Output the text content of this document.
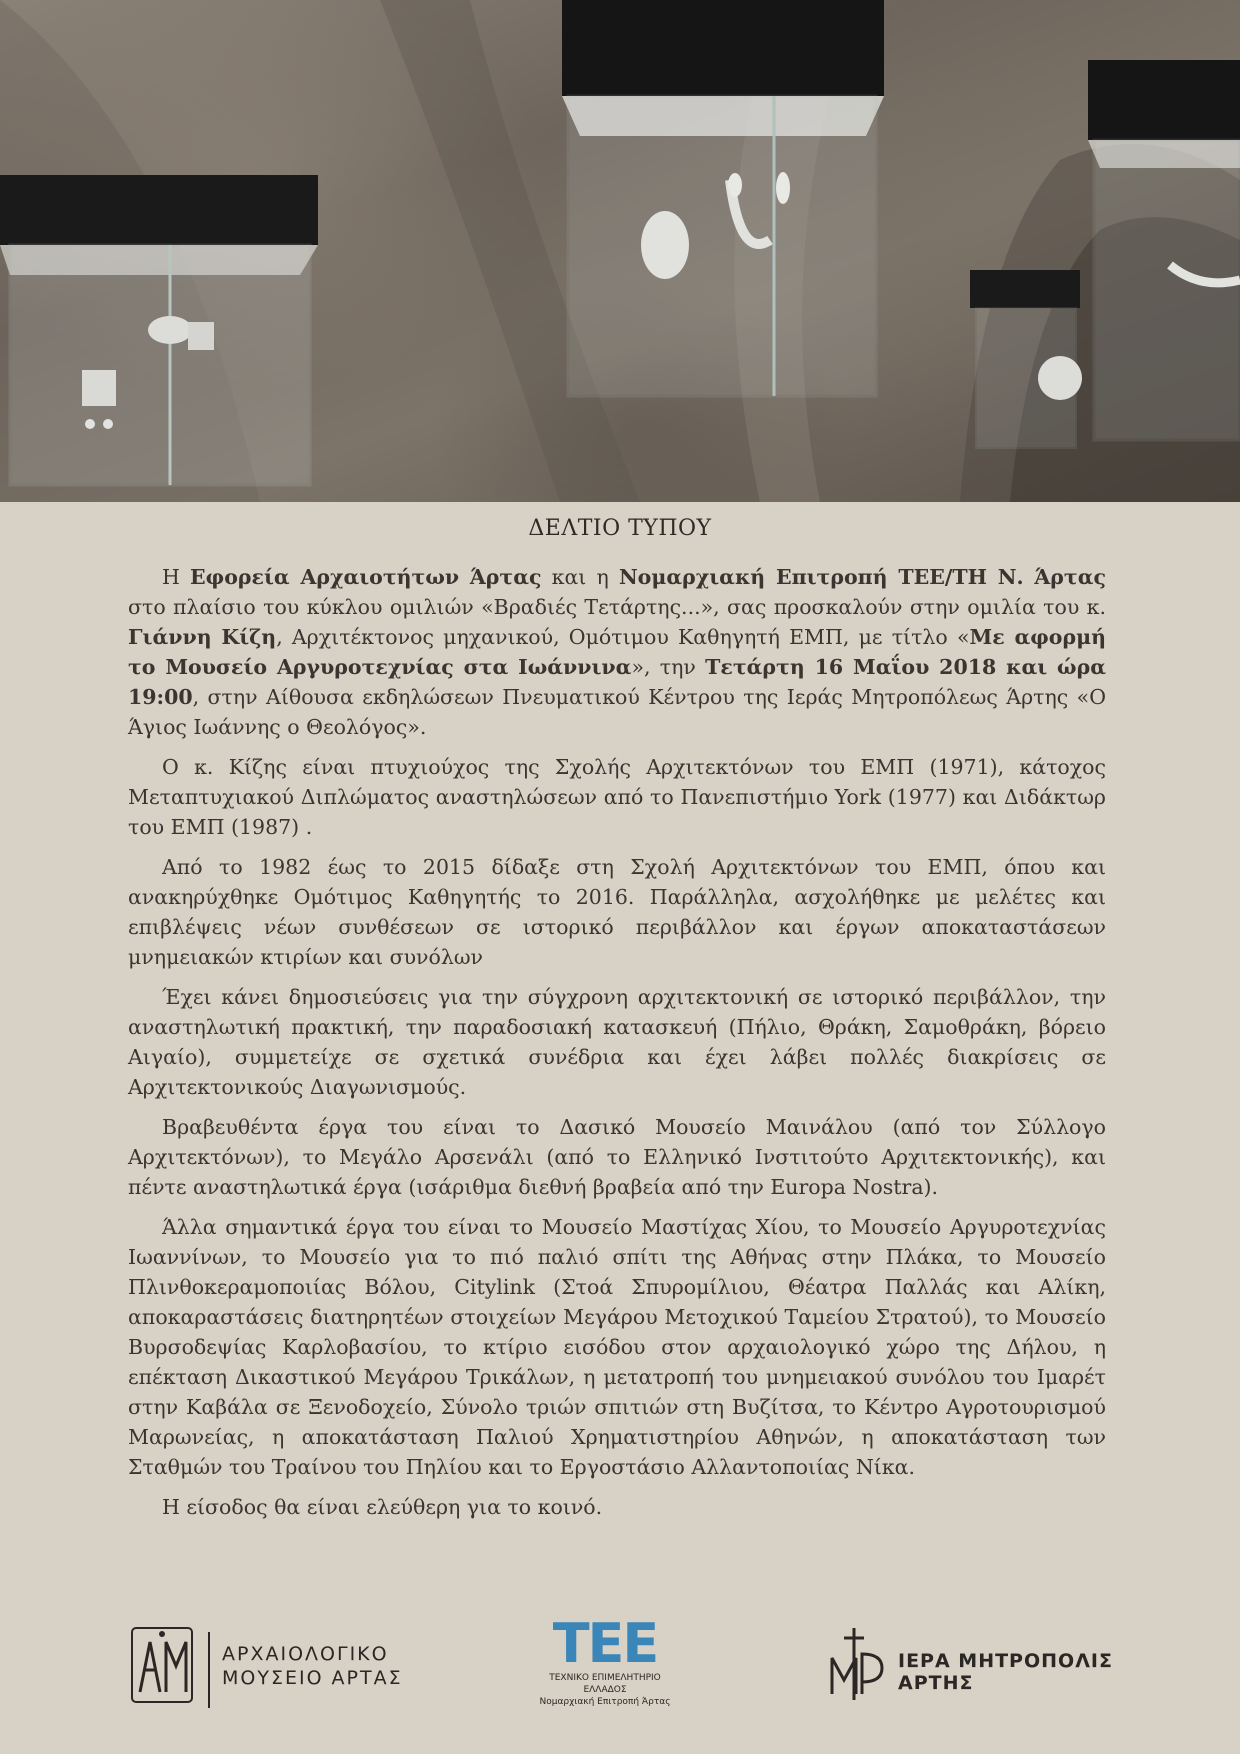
ΔΕΛΤΙΟ ΤΥΠΟΥ

Η Εφορεία Αρχαιοτήτων Άρτας και η Νομαρχιακή Επιτροπή ΤΕΕ/ΤΗ Ν. Άρτας στο πλαίσιο του κύκλου ομιλιών «Βραδιές Τετάρτης...», σας προσκαλούν στην ομιλία του κ. Γιάννη Κίζη, Αρχιτέκτονος μηχανικού, Ομότιμου Καθηγητή ΕΜΠ, με τίτλο «Με αφορμή το Μουσείο Αργυροτεχνίας στα Ιωάννινα», την Τετάρτη 16 Μαΐου 2018 και ώρα 19:00, στην Αίθουσα εκδηλώσεων Πνευματικού Κέντρου της Ιεράς Μητροπόλεως Άρτης «Ο Άγιος Ιωάννης ο Θεολόγος».

Ο κ. Κίζης είναι πτυχιούχος της Σχολής Αρχιτεκτόνων του ΕΜΠ (1971), κάτοχος Μεταπτυχιακού Διπλώματος αναστηλώσεων από το Πανεπιστήμιο York (1977) και Διδάκτωρ του ΕΜΠ (1987) .

Από το 1982 έως το 2015 δίδαξε στη Σχολή Αρχιτεκτόνων του ΕΜΠ, όπου και ανακηρύχθηκε Ομότιμος Καθηγητής το 2016. Παράλληλα, ασχολήθηκε με μελέτες και επιβλέψεις νέων συνθέσεων σε ιστορικό περιβάλλον και έργων αποκαταστάσεων μνημειακών κτιρίων και συνόλων

Έχει κάνει δημοσιεύσεις για την σύγχρονη αρχιτεκτονική σε ιστορικό περιβάλλον, την αναστηλωτική πρακτική, την παραδοσιακή κατασκευή (Πήλιο, Θράκη, Σαμοθράκη, βόρειο Αιγαίο), συμμετείχε σε σχετικά συνέδρια και έχει λάβει πολλές διακρίσεις σε Αρχιτεκτονικούς Διαγωνισμούς.

Βραβευθέντα έργα του είναι το Δασικό Μουσείο Μαινάλου (από τον Σύλλογο Αρχιτεκτόνων), το Μεγάλο Αρσενάλι (από το Ελληνικό Ινστιτούτο Αρχιτεκτονικής), και πέντε αναστηλωτικά έργα (ισάριθμα διεθνή βραβεία από την Europa Nostra).

Άλλα σημαντικά έργα του είναι το Μουσείο Μαστίχας Χίου, το Μουσείο Αργυροτεχνίας Ιωαννίνων, το Μουσείο για το πιό παλιό σπίτι της Αθήνας στην Πλάκα, το Μουσείο Πλινθοκεραμοποιίας Βόλου, Citylink (Στοά Σπυρομίλιου, Θέατρα Παλλάς και Αλίκη, αποκαραστάσεις διατηρητέων στοιχείων Μεγάρου Μετοχικού Ταμείου Στρατού), το Μουσείο Βυρσοδεψίας Καρλοβασίου, το κτίριο εισόδου στον αρχαιολογικό χώρο της Δήλου, η επέκταση Δικαστικού Μεγάρου Τρικάλων, η μετατροπή του μνημειακού συνόλου του Ιμαρέτ στην Καβάλα σε Ξενοδοχείο, Σύνολο τριών σπιτιών στη Βυζίτσα, το Κέντρο Αγροτουρισμού Μαρωνείας, η αποκατάσταση Παλιού Χρηματιστηρίου Αθηνών, η αποκατάσταση των Σταθμών του Τραίνου του Πηλίου και το Εργοστάσιο Αλλαντοποιίας Νίκα.

Η είσοδος θα είναι ελεύθερη για το κοινό.

ΑΡΧΑΙΟΛΟΓΙΚΟ
ΜΟΥΣΕΙΟ ΑΡΤΑΣ
ΤΕΕ
ΤΕΧΝΙΚΟ ΕΠΙΜΕΛΗΤΗΡΙΟ ΕΛΛΑΔΟΣ
Νομαρχιακή Επιτροπή Άρτας
ΙΕΡΑ ΜΗΤΡΟΠΟΛΙΣ ΑΡΤΗΣ
